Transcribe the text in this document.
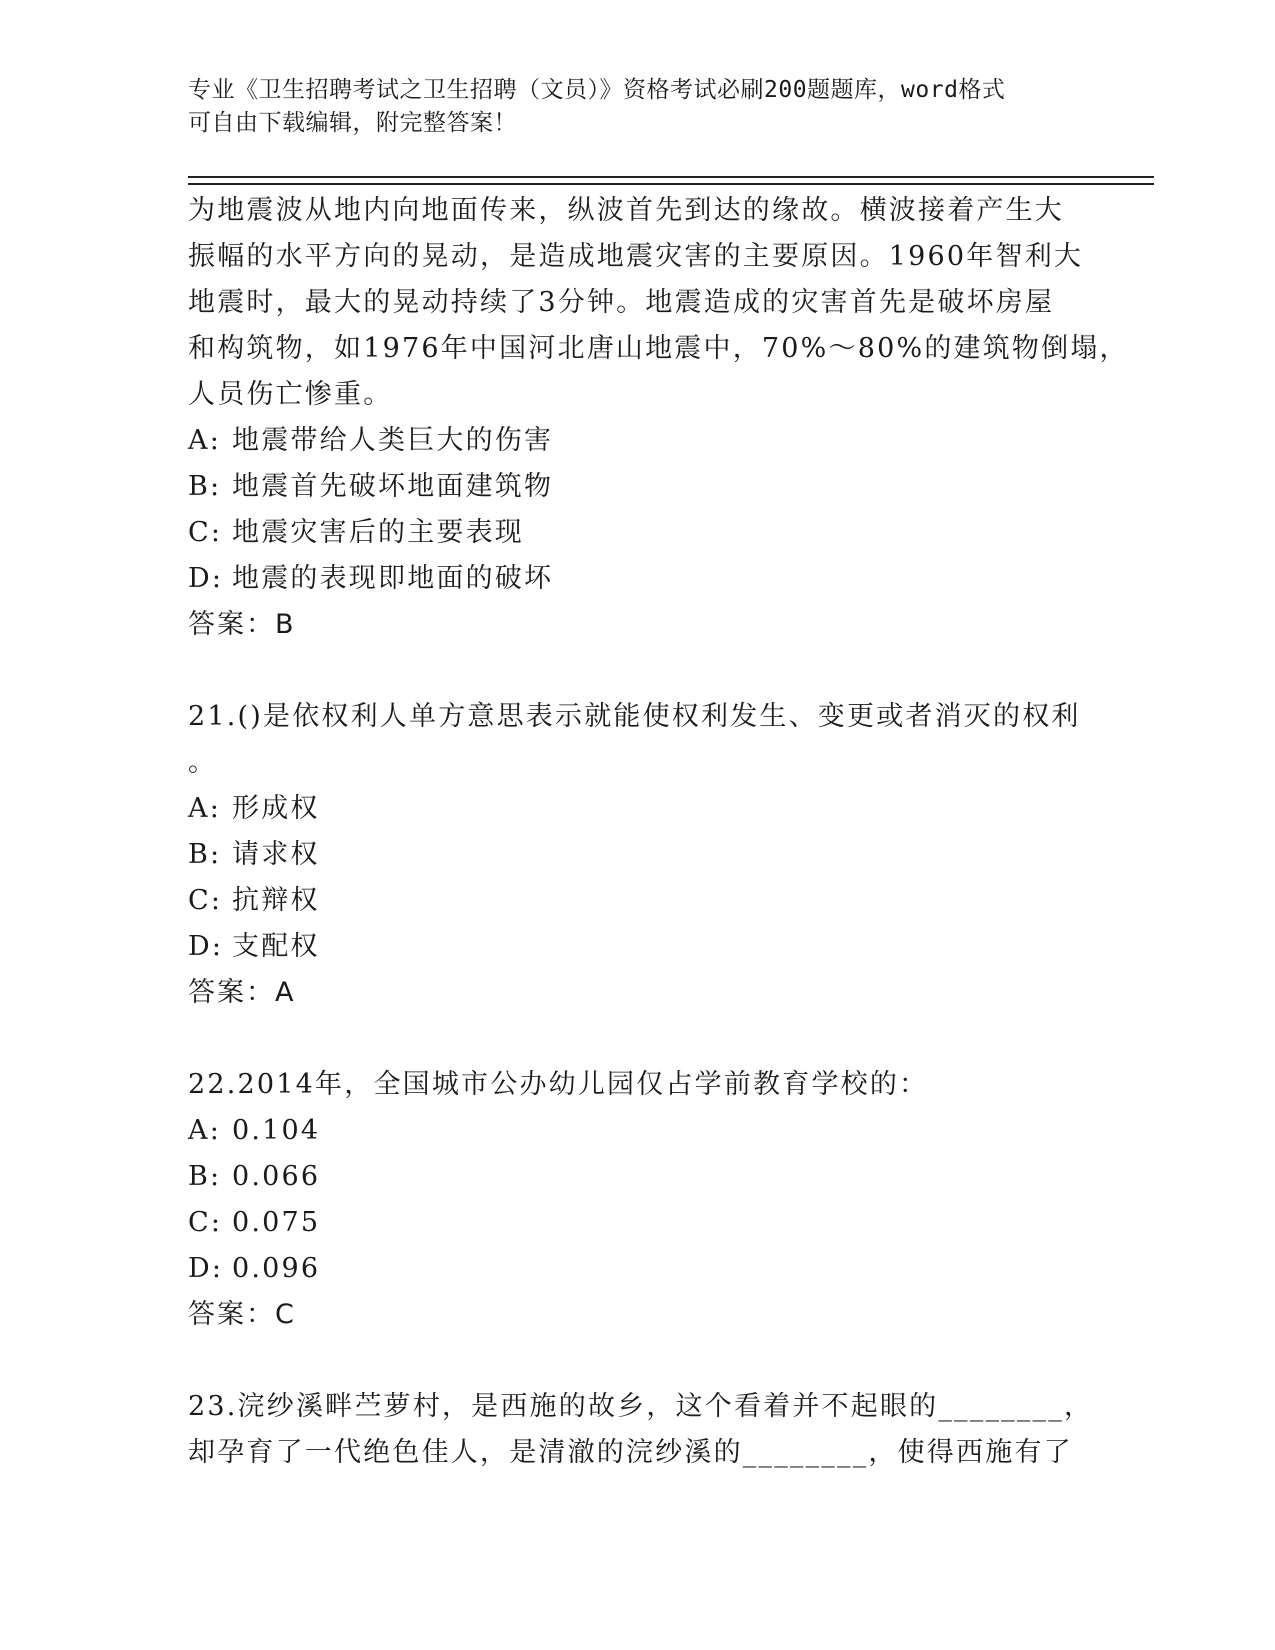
专业《卫生招聘考试之卫生招聘（文员）》资格考试必刷200题题库，word格式
可自由下载编辑，附完整答案！
为地震波从地内向地面传来，纵波首先到达的缘故。横波接着产生大
振幅的水平方向的晃动，是造成地震灾害的主要原因。1960年智利大
地震时，最大的晃动持续了3分钟。地震造成的灾害首先是破坏房屋
和构筑物，如1976年中国河北唐山地震中，70%～80%的建筑物倒塌，
人员伤亡惨重。
A: 地震带给人类巨大的伤害
B: 地震首先破坏地面建筑物
C: 地震灾害后的主要表现
D: 地震的表现即地面的破坏
答案：B
21.()是依权利人单方意思表示就能使权利发生、变更或者消灭的权利
。
A: 形成权
B: 请求权
C: 抗辩权
D: 支配权
答案：A
22.2014年，全国城市公办幼儿园仅占学前教育学校的：
A: 0.104
B: 0.066
C: 0.075
D: 0.096
答案：C
23.浣纱溪畔苎萝村，是西施的故乡，这个看着并不起眼的________，
却孕育了一代绝色佳人，是清澈的浣纱溪的________，使得西施有了
